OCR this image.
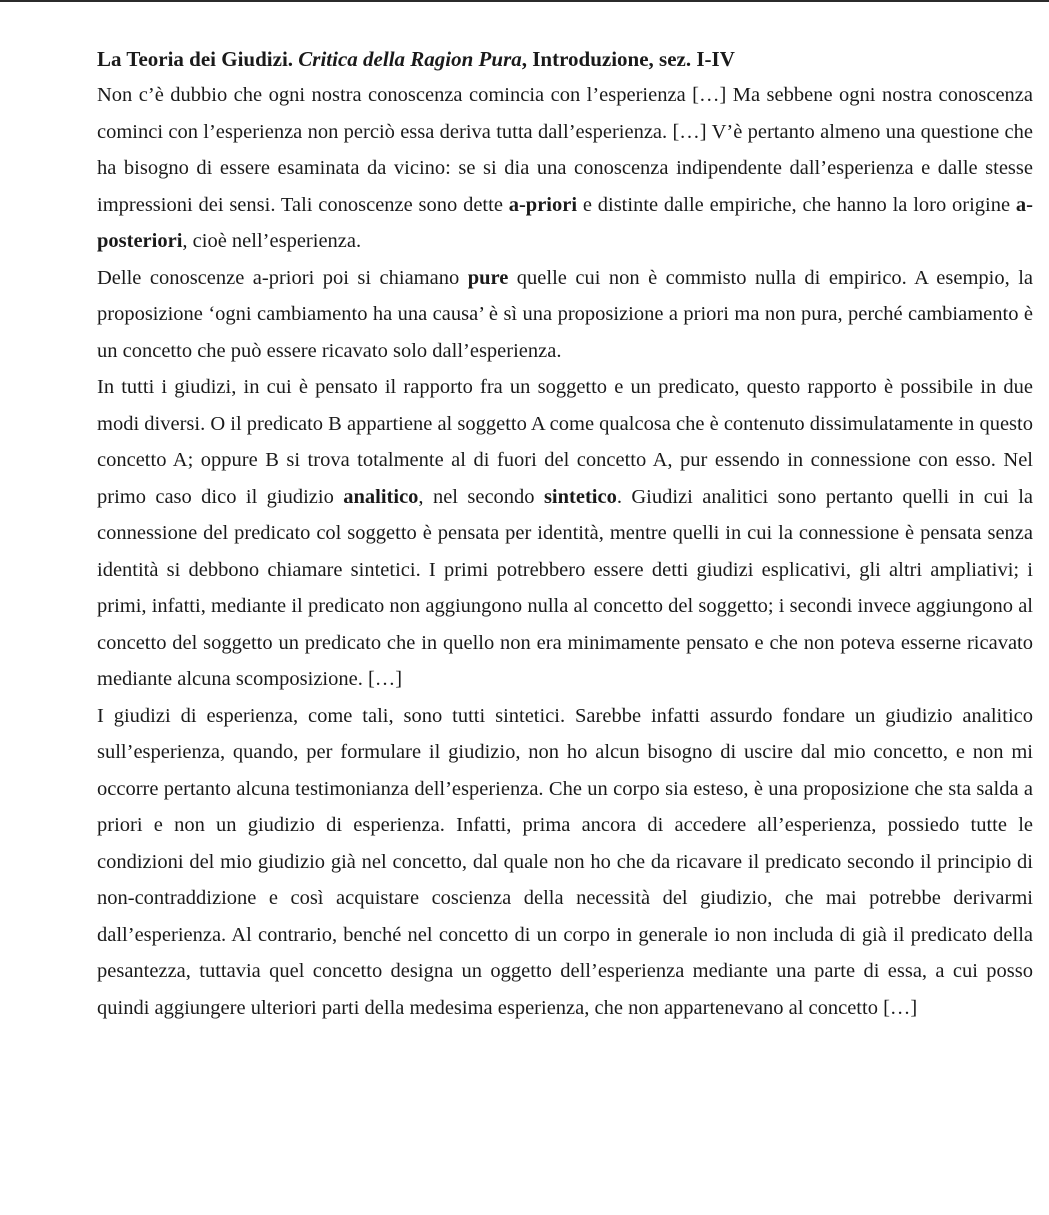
La Teoria dei Giudizi. Critica della Ragion Pura, Introduzione, sez. I-IV

Non c’è dubbio che ogni nostra conoscenza comincia con l’esperienza […] Ma sebbene ogni nostra conoscenza cominci con l’esperienza non perciò essa deriva tutta dall’esperienza. […] V’è pertanto almeno una questione che ha bisogno di essere esaminata da vicino: se si dia una conoscenza indipendente dall’esperienza e dalle stesse impressioni dei sensi. Tali conoscenze sono dette a-priori e distinte dalle empiriche, che hanno la loro origine a-posteriori, cioè nell’esperienza.

Delle conoscenze a-priori poi si chiamano pure quelle cui non è commisto nulla di empirico. A esempio, la proposizione ‘ogni cambiamento ha una causa’ è sì una proposizione a priori ma non pura, perché cambiamento è un concetto che può essere ricavato solo dall’esperienza.

In tutti i giudizi, in cui è pensato il rapporto fra un soggetto e un predicato, questo rapporto è possibile in due modi diversi. O il predicato B appartiene al soggetto A come qualcosa che è contenuto dissimulatamente in questo concetto A; oppure B si trova totalmente al di fuori del concetto A, pur essendo in connessione con esso. Nel primo caso dico il giudizio analitico, nel secondo sintetico. Giudizi analitici sono pertanto quelli in cui la connessione del predicato col soggetto è pensata per identità, mentre quelli in cui la connessione è pensata senza identità si debbono chiamare sintetici. I primi potrebbero essere detti giudizi esplicativi, gli altri ampliativi; i primi, infatti, mediante il predicato non aggiungono nulla al concetto del soggetto; i secondi invece aggiungono al concetto del soggetto un predicato che in quello non era minimamente pensato e che non poteva esserne ricavato mediante alcuna scomposizione. […]

I giudizi di esperienza, come tali, sono tutti sintetici. Sarebbe infatti assurdo fondare un giudizio analitico sull’esperienza, quando, per formulare il giudizio, non ho alcun bisogno di uscire dal mio concetto, e non mi occorre pertanto alcuna testimonianza dell’esperienza. Che un corpo sia esteso, è una proposizione che sta salda a priori e non un giudizio di esperienza. Infatti, prima ancora di accedere all’esperienza, possiedo tutte le condizioni del mio giudizio già nel concetto, dal quale non ho che da ricavare il predicato secondo il principio di non-contraddizione e così acquistare coscienza della necessità del giudizio, che mai potrebbe derivarmi dall’esperienza. Al contrario, benché nel concetto di un corpo in generale io non includa di già il predicato della pesantezza, tuttavia quel concetto designa un oggetto dell’esperienza mediante una parte di essa, a cui posso quindi aggiungere ulteriori parti della medesima esperienza, che non appartenevano al concetto […]
